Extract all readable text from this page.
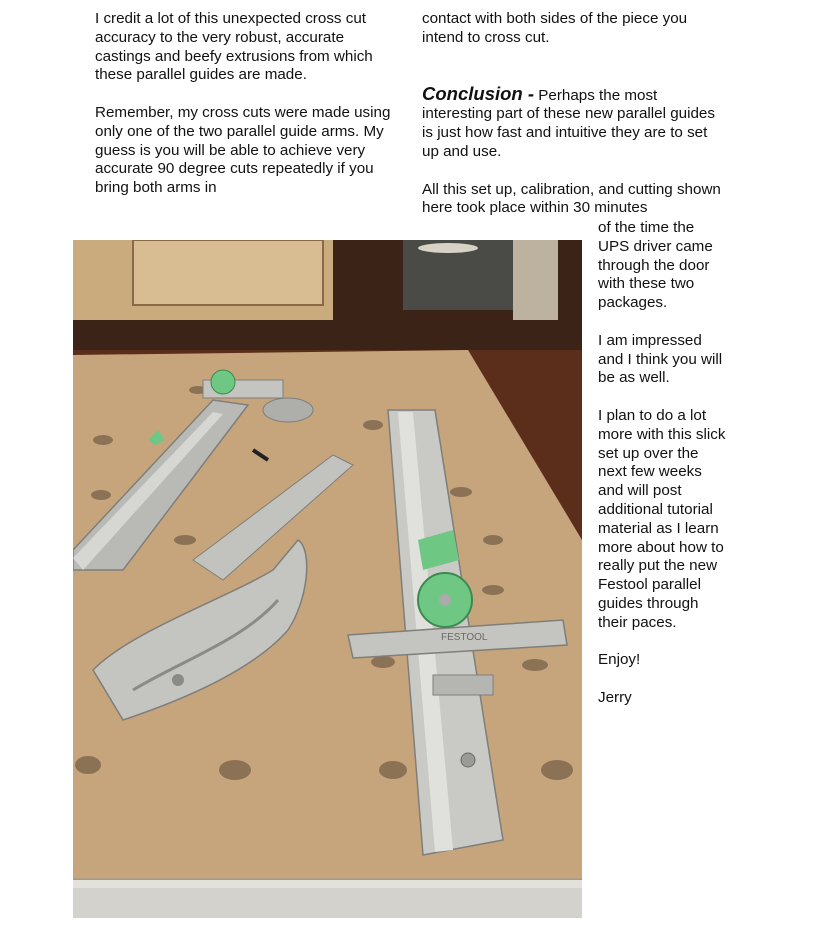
I credit a lot of this unexpected cross cut accuracy to the very robust, accurate castings and beefy extrusions from which these parallel guides are made.

Remember, my cross cuts were made using only one of the two parallel guide arms. My guess is you will be able to achieve very accurate 90 degree cuts repeatedly if you bring both arms in

contact with both sides of the piece you intend to cross cut.

Conclusion - Perhaps the most interesting part of these new parallel guides is just how fast and intuitive they are to set up and use.

All this set up, calibration, and cutting shown here took place within 30 minutes

of the time the UPS driver came through the door with these two packages.

I am impressed and I think you will be as well.

I plan to do a lot more with this slick set up over the next few weeks and will post additional tutorial material as I learn more about how to really put the new Festool parallel guides through their paces.

Enjoy!

Jerry

FESTOOL
